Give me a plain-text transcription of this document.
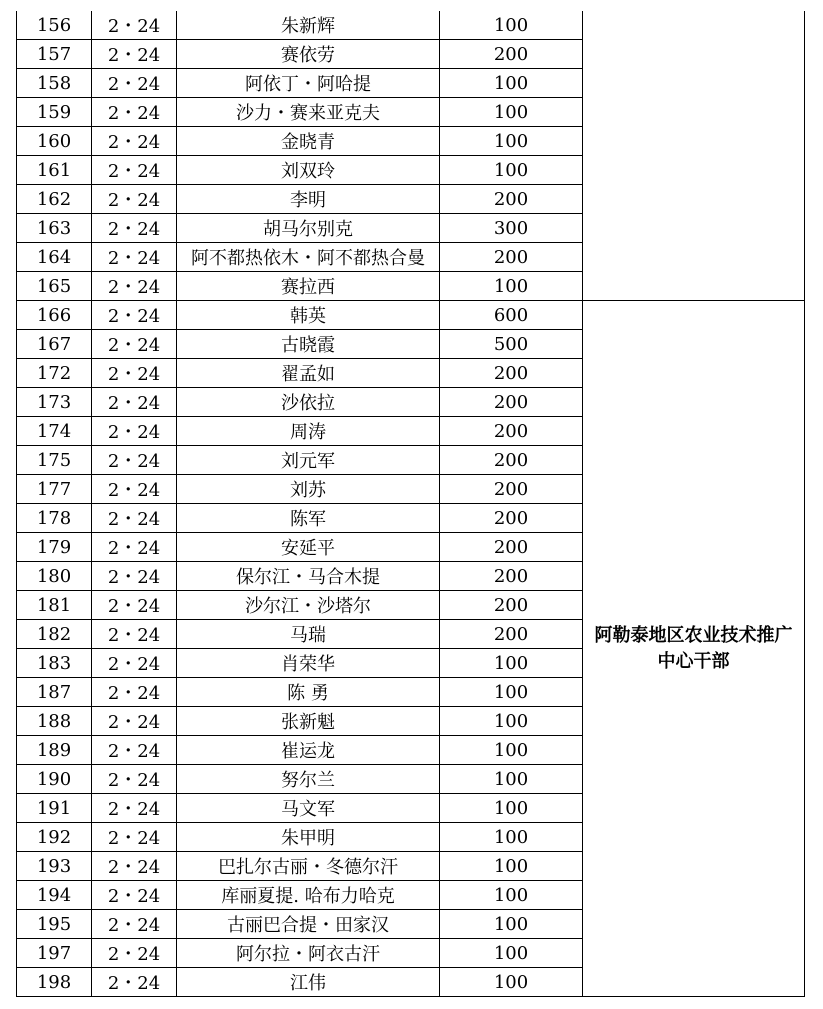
156	2・24	朱新辉	100	
157	2・24	赛依劳	200	
158	2・24	阿依丁・阿哈提	100	
159	2・24	沙力・赛来亚克夫	100	
160	2・24	金晓青	100	
161	2・24	刘双玲	100	
162	2・24	李明	200	
163	2・24	胡马尔别克	300	
164	2・24	阿不都热依木・阿不都热合曼	200	
165	2・24	赛拉西	100	
166	2・24	韩英	600	阿勒泰地区农业技术推广中心干部
167	2・24	古晓霞	500	
172	2・24	翟孟如	200	
173	2・24	沙依拉	200	
174	2・24	周涛	200	
175	2・24	刘元军	200	
177	2・24	刘苏	200	
178	2・24	陈军	200	
179	2・24	安延平	200	
180	2・24	保尔江・马合木提	200	
181	2・24	沙尔江・沙塔尔	200	
182	2・24	马瑞	200	
183	2・24	肖荣华	100	
187	2・24	陈 勇	100	
188	2・24	张新魁	100	
189	2・24	崔运龙	100	
190	2・24	努尔兰	100	
191	2・24	马文军	100	
192	2・24	朱甲明	100	
193	2・24	巴扎尔古丽・冬德尔汗	100	
194	2・24	库丽夏提. 哈布力哈克	100	
195	2・24	古丽巴合提・田家汉	100	
197	2・24	阿尔拉・阿衣古汗	100	
198	2・24	江伟	100	
